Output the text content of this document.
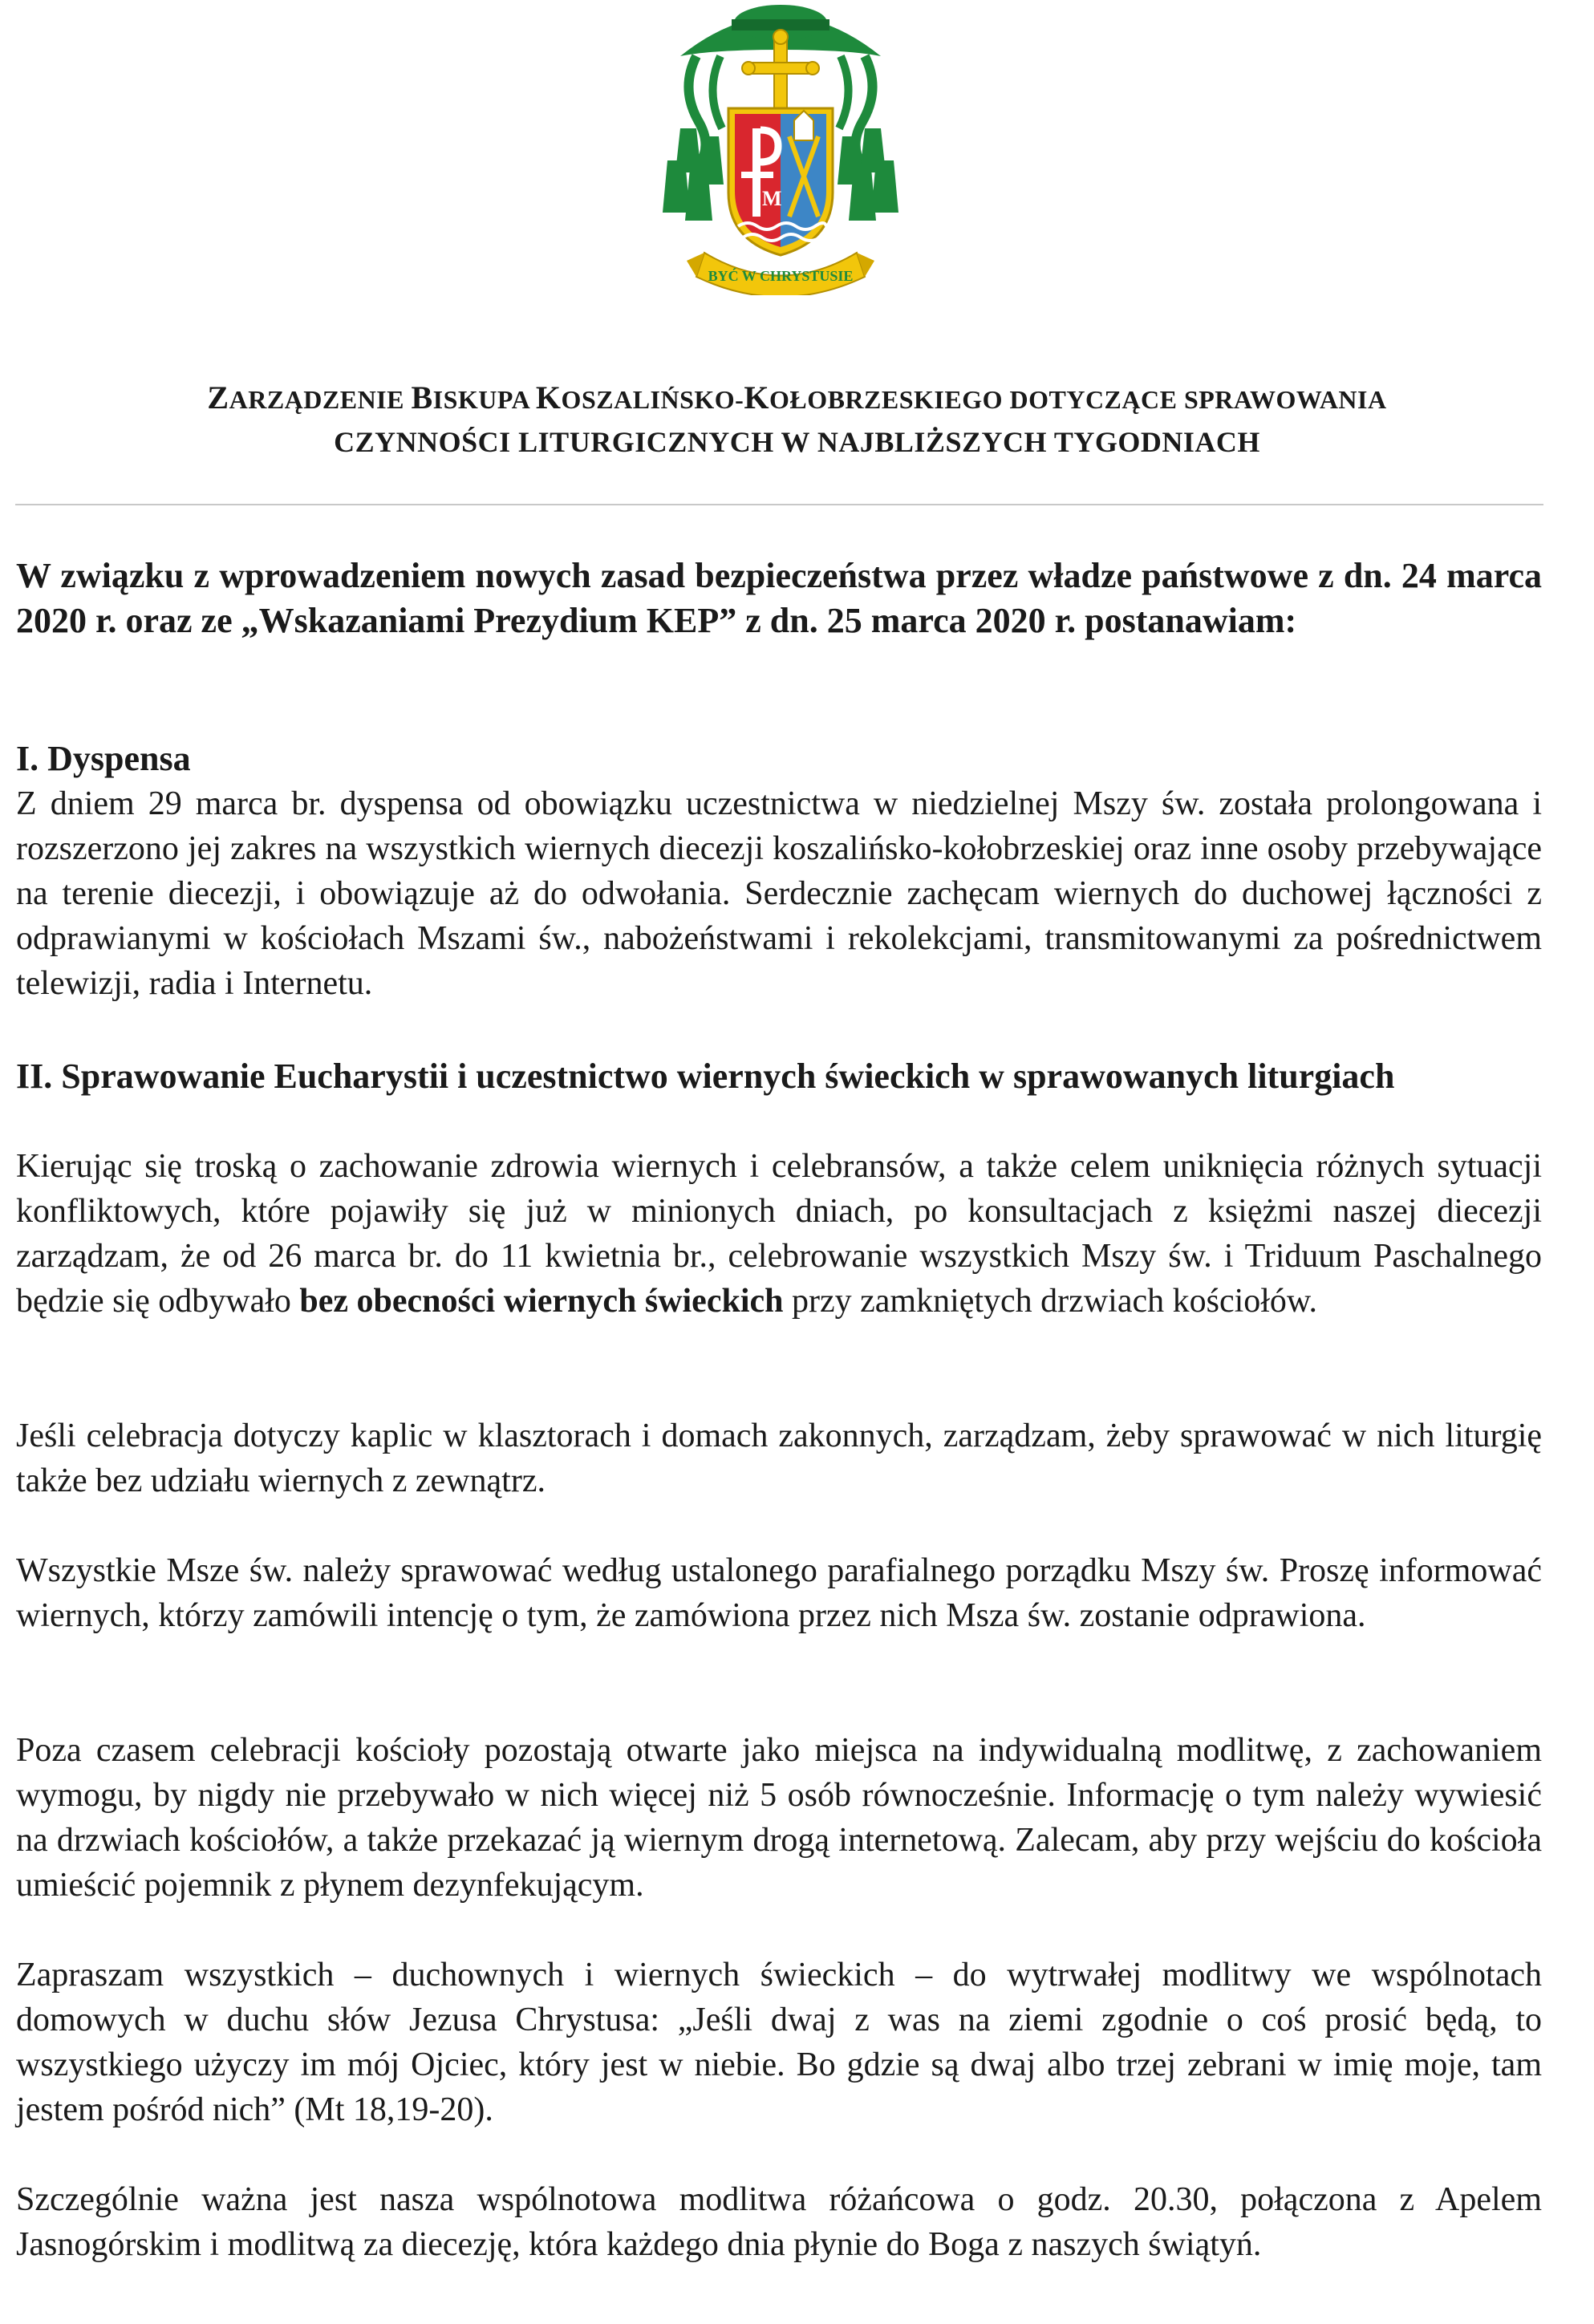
M
BYĆ W CHRYSTUSIE
ZARZĄDZENIE BISKUPA KOSZALIŃSKO-KOŁOBRZESKIEGO DOTYCZĄCE SPRAWOWANIA
CZYNNOŚCI LITURGICZNYCH W NAJBLIŻSZYCH TYGODNIACH
W związku z wprowadzeniem nowych zasad bezpieczeństwa przez władze państwowe z dn. 24 marca 2020 r. oraz ze „Wskazaniami Prezydium KEP” z dn. 25 marca 2020 r. postanawiam:
I. Dyspensa
Z dniem 29 marca br. dyspensa od obowiązku uczestnictwa w niedzielnej Mszy św. została prolongowana i rozszerzono jej zakres na wszystkich wiernych diecezji koszalińsko-kołobrzeskiej oraz inne osoby przebywające na terenie diecezji, i obowiązuje aż do odwołania. Serdecznie zachęcam wiernych do duchowej łączności z odprawianymi w kościołach Mszami św., nabożeństwami i rekolekcjami, transmitowanymi za pośrednictwem telewizji, radia i Internetu.
II. Sprawowanie Eucharystii i uczestnictwo wiernych świeckich w sprawowanych liturgiach
Kierując się troską o zachowanie zdrowia wiernych i celebransów, a także celem uniknięcia różnych sytuacji konfliktowych, które pojawiły się już w minionych dniach, po konsultacjach z księżmi naszej diecezji zarządzam, że od 26 marca br. do 11 kwietnia br., celebrowanie wszystkich Mszy św. i Triduum Paschalnego będzie się odbywało bez obecności wiernych świeckich przy zamkniętych drzwiach kościołów.
Jeśli celebracja dotyczy kaplic w klasztorach i domach zakonnych, zarządzam, żeby sprawować w nich liturgię także bez udziału wiernych z zewnątrz.
Wszystkie Msze św. należy sprawować według ustalonego parafialnego porządku Mszy św. Proszę informować wiernych, którzy zamówili intencję o tym, że zamówiona przez nich Msza św. zostanie odprawiona.
Poza czasem celebracji kościoły pozostają otwarte jako miejsca na indywidualną modlitwę, z zachowaniem wymogu, by nigdy nie przebywało w nich więcej niż 5 osób równocześnie. Informację o tym należy wywiesić na drzwiach kościołów, a także przekazać ją wiernym drogą internetową. Zalecam, aby przy wejściu do kościoła umieścić pojemnik z płynem dezynfekującym.
Zapraszam wszystkich – duchownych i wiernych świeckich – do wytrwałej modlitwy we wspólnotach domowych w duchu słów Jezusa Chrystusa: „Jeśli dwaj z was na ziemi zgodnie o coś prosić będą, to wszystkiego użyczy im mój Ojciec, który jest w niebie. Bo gdzie są dwaj albo trzej zebrani w imię moje, tam jestem pośród nich” (Mt 18,19-20).
Szczególnie ważna jest nasza wspólnotowa modlitwa różańcowa o godz. 20.30, połączona z Apelem Jasnogórskim i modlitwą za diecezję, która każdego dnia płynie do Boga z naszych świątyń.
